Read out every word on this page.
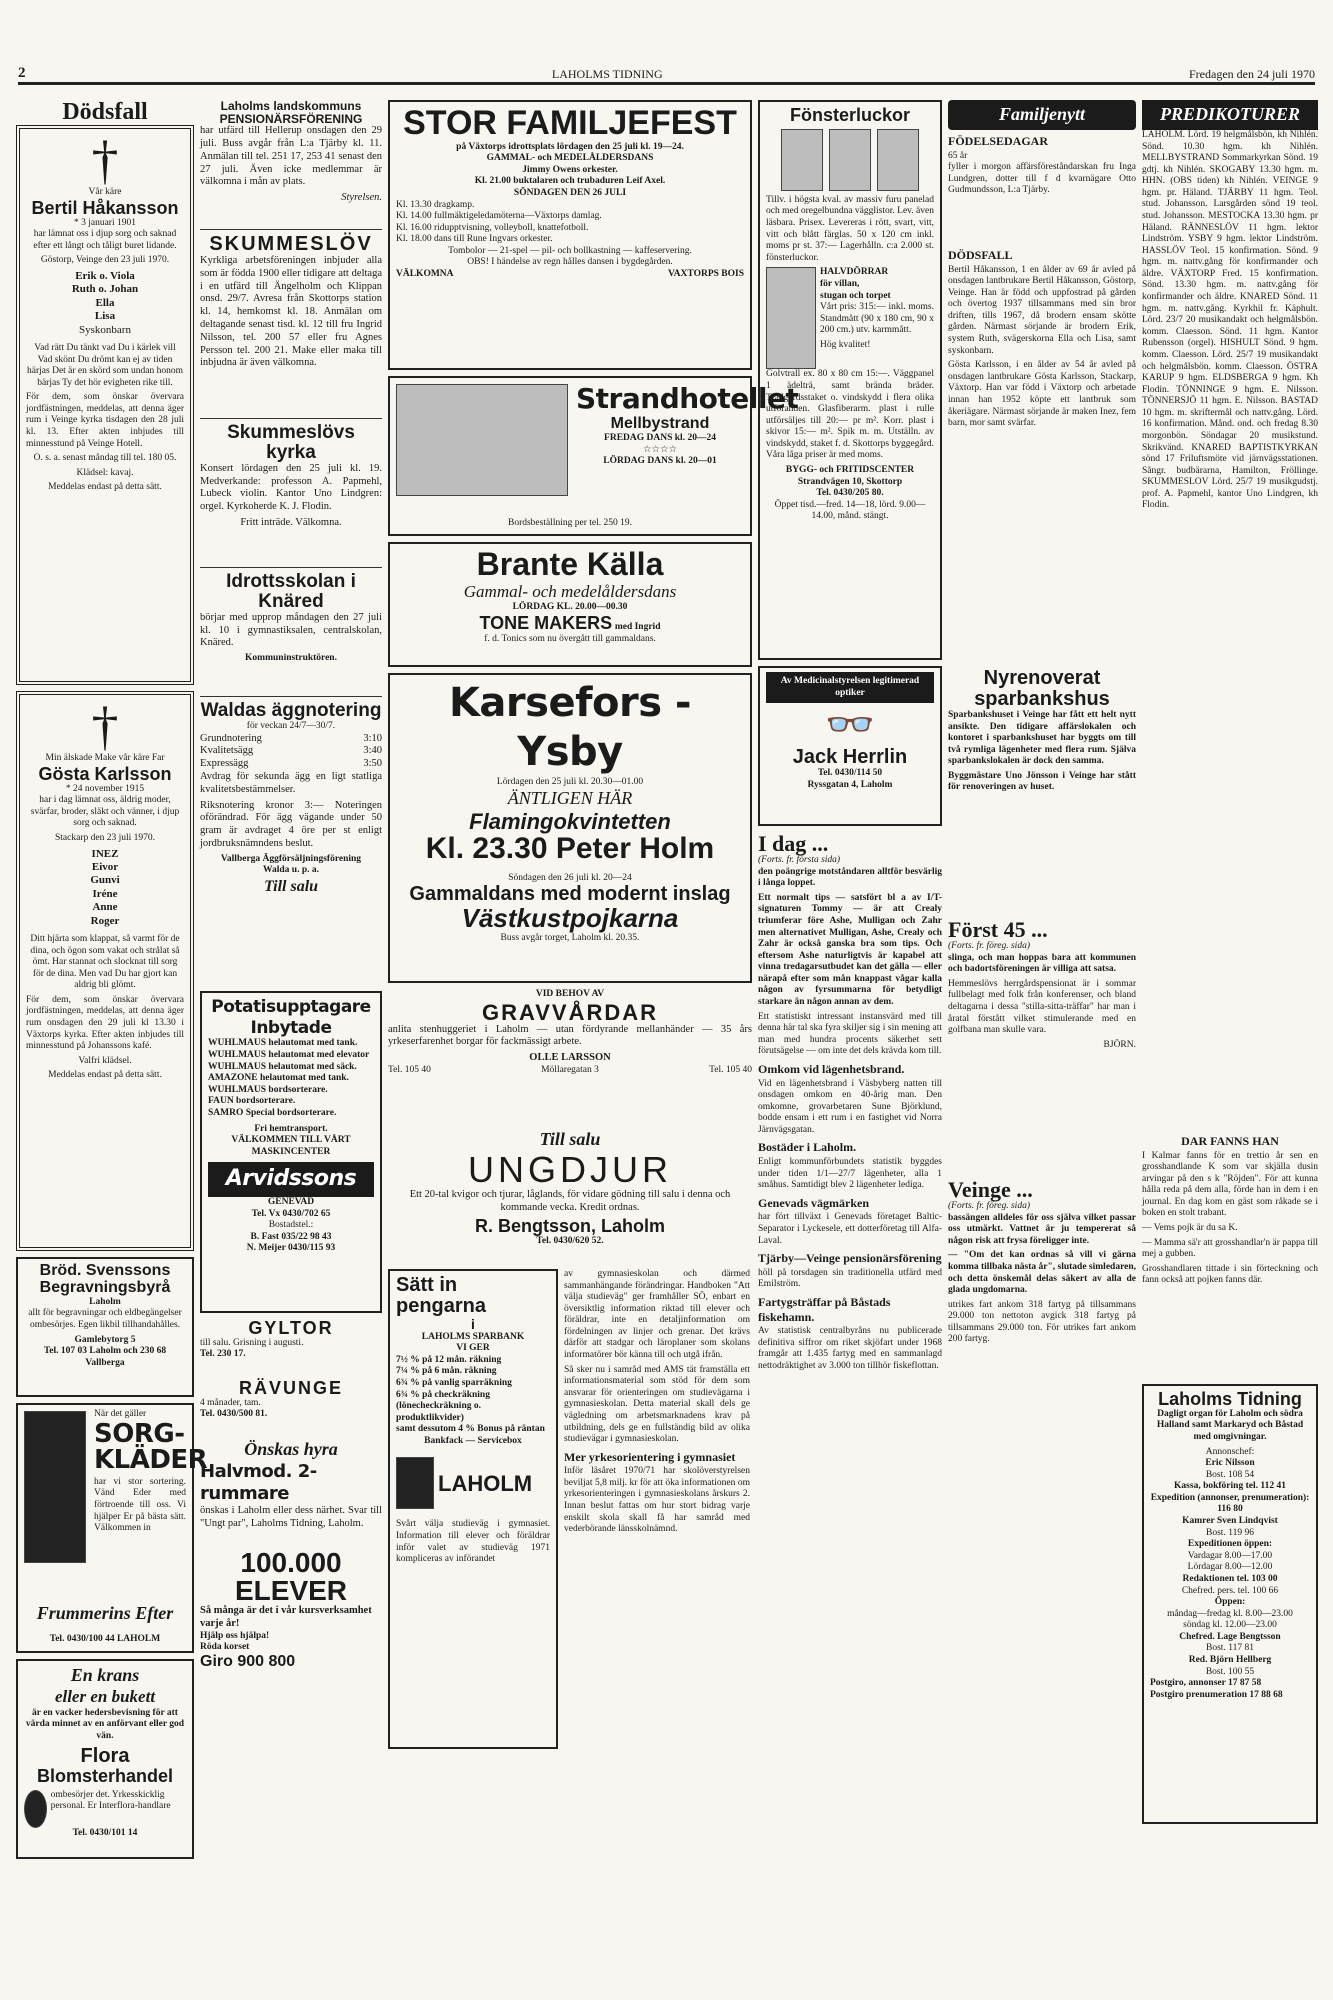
2	LAHOLMS TIDNING	Fredagen den 24 juli 1970
Dödsfall
†
Vår käre
Bertil Håkansson
* 3 januari 1901

har lämnat oss i djup sorg och saknad efter ett långt och tåligt buret lidande.

Göstorp, Veinge den 23 juli 1970.

Erik o. Viola
Ruth o. Johan
Ella
Lisa
Syskonbarn

Vad rätt Du tänkt vad Du i kärlek vill Vad skönt Du drömt kan ej av tiden härjas Det är en skörd som undan honom bärjas Ty det hör evigheten rike till.

För dem, som önskar övervara jordfästningen, meddelas, att denna äger rum i Veinge kyrka tisdagen den 28 juli kl. 13. Efter akten inbjudes till minnesstund på Veinge Hotell.

O. s. a. senast måndag till tel. 180 05.

Klädsel: kavaj.

Meddelas endast på detta sätt.

†
Min älskade Make vår käre Far
Gösta Karlsson
* 24 november 1915

har i dag lämnat oss, äldrig moder, svärfar, broder, släkt och vänner, i djup sorg och saknad.

Stackarp den 23 juli 1970.

INEZ
Eivor
Gunvi
Iréne
Anne
Roger

Ditt hjärta som klappat, så varmt för de dina, och ögon som vakat och strålat så ömt. Har stannat och slocknat till sorg för de dina. Men vad Du har gjort kan aldrig bli glömt.

För dem, som önskar övervara jordfästningen, meddelas, att denna äger rum onsdagen den 29 juli kl 13.30 i Växtorps kyrka. Efter akten inbjudes till minnesstund på Johanssons kafé.

Valfri klädsel.

Meddelas endast på detta sätt.

Bröd. Svenssons Begravningsbyrå
Laholm

allt för begravningar och eldbegängelser ombesörjes. Egen likbil tillhandahålles.

Gamlebytorg 5
Tel. 107 03 Laholm och 230 68 Vallberga
När det gäller
SORG-KLÄDER

har vi stor sortering. Vänd Eder med förtroende till oss. Vi hjälper Er på bästa sätt. Välkommen in

Frummerins Efter
Tel. 0430/100 44 LAHOLM
En krans
eller en bukett

är en vacker hedersbevisning för att värda minnet av en anförvant eller god vän.

Flora
Blomsterhandel
ombesörjer det. Yrkesskicklig personal. Er Interflora-handlare
Tel. 0430/101 14
Laholms landskommuns PENSIONÄRSFÖRENING

har utfärd till Hellerup onsdagen den 29 juli. Buss avgår från L:a Tjärby kl. 11. Anmälan till tel. 251 17, 253 41 senast den 27 juli. Även icke medlemmar är välkomna i mån av plats.

Styrelsen.
SKUMMESLÖV

Kyrkliga arbetsföreningen inbjuder alla som är födda 1900 eller tidigare att deltaga i en utfärd till Ängelholm och Klippan onsd. 29/7. Avresa från Skottorps station kl. 14, hemkomst kl. 18. Anmälan om deltagande senast tisd. kl. 12 till fru Ingrid Nilsson, tel. 200 57 eller fru Agnes Persson tel. 200 21. Make eller maka till inbjudna är även välkomna.

Skummeslövs kyrka

Konsert lördagen den 25 juli kl. 19. Medverkande: professon A. Papmehl, Lubeck violin. Kantor Uno Lindgren: orgel. Kyrkoherde K. J. Flodin.

Fritt inträde. Välkomna.
Idrottsskolan i Knäred

börjar med upprop måndagen den 27 juli kl. 10 i gymnastiksalen, centralskolan, Knäred.

Kommuninstruktören.
Waldas äggnotering
för veckan 24/7—30/7.
Grundnotering	3:10
Kvalitetsägg	3:40
Expressägg	3:50

Avdrag för sekunda ägg en ligt statliga kvalitetsbestämmelser.

Riksnotering kronor 3:— Noteringen oförändrad. För ägg vägande under 50 gram är avdraget 4 öre per st enligt jordbruksnämndens beslut.

Vallberga Äggförsäljningsförening
Walda u. p. a.
Till salu
Potatisupptagare Inbytade
WUHLMAUS helautomat med tank.
WUHLMAUS helautomat med elevator
WUHLMAUS helautomat med säck.
AMAZONE helautomat med tank.
WUHLMAUS bordsorterare.
FAUN bordsorterare.
SAMRO Special bordsorterare.
Fri hemtransport.
VÄLKOMMEN TILL VÅRT MASKINCENTER
Arvidssons
GENEVAD
Tel. Vx 0430/702 65
Bostadstel.:
B. Fast 035/22 98 43
N. Meijer 0430/115 93
GYLTOR
till salu. Grisning i augusti.
Tel. 230 17.
RÄVUNGE
4 månader, tam.
Tel. 0430/500 81.
Önskas hyra
Halvmod. 2-rummare

önskas i Laholm eller dess närhet. Svar till "Ungt par", Laholms Tidning, Laholm.

100.000 ELEVER
Så många är det i vår kursverksamhet varje år!
Hjälp oss hjälpa!
Röda korset
Giro 900 800
STOR FAMILJEFEST
på Växtorps idrottsplats lördagen den 25 juli kl. 19—24.
GAMMAL- och MEDELÅLDERSDANS
Jimmy Owens orkester.
Kl. 21.00 buktalaren och trubaduren Leif Axel.
SÖNDAGEN DEN 26 JULI
Kl. 13.30 dragkamp.
Kl. 14.00 fullmäktigeledamöterna—Växtorps damlag.
Kl. 16.00 ridupptvisning, volleyboll, knattefotboll.
Kl. 18.00 dans till Rune Ingvars orkester.
Tombolor — 21-spel — pil- och bollkastning — kaffeservering.
OBS! I händelse av regn hålles dansen i bygdegården.
VÄLKOMNA	VAXTORPS BOIS
Strandhotellet
Mellbystrand
FREDAG DANS kl. 20—24
☆☆☆☆
LÖRDAG DANS kl. 20—01
Bordsbeställning per tel. 250 19.
Brante Källa
Gammal- och medelåldersdans
LÖRDAG KL. 20.00—00.30
TONE MAKERS med Ingrid
f. d. Tonics som nu övergått till gammaldans.
Karsefors - Ysby
Lördagen den 25 juli kl. 20.30—01.00
ÄNTLIGEN HÄR
Flamingokvintetten
Kl. 23.30 Peter Holm
Söndagen den 26 juli kl. 20—24
Gammaldans med modernt inslag
Västkustpojkarna
Buss avgår torget, Laholm kl. 20.35.
VID BEHOV AV
GRAVVÅRDAR

anlita stenhuggeriet i Laholm — utan fördyrande mellanhänder — 35 års yrkeserfarenhet borgar för fackmässigt arbete.

OLLE LARSSON
Tel. 105 40	Möllaregatan 3	Tel. 105 40
Till salu
UNGDJUR

Ett 20-tal kvigor och tjurar, låglands, för vidare gödning till salu i denna och kommande vecka. Kredit ordnas.

R. Bengtsson, Laholm
Tel. 0430/620 52.
Sätt in
pengarna
i
LAHOLMS SPARBANK
VI GER
7½ % på 12 mån. räkning
7¼ % på 6 mån. räkning
6¾ % på vanlig sparräkning
6¾ % på checkräkning (lönecheckräkning o. produktlikvider)
samt dessutom 4 % Bonus på räntan
Bankfack — Servicebox
LAHOLM

Svårt välja studieväg i gymnasiet. Information till elever och föräldrar inför valet av studieväg 1971 kompliceras av införandet

av gymnasieskolan och därmed sammanhängande förändringar. Handboken "Att välja studieväg" ger framhåller SÖ, enbart en översiktlig information riktad till elever och föräldrar, inte en detaljinformation om fördelningen av linjer och grenar. Det krävs därför att stadgar och läroplaner som skolans informatörer bör känna till och utgå ifrån.

Så sker nu i samråd med AMS tät framställa ett informationsmaterial som stöd för dem som ansvarar för orienteringen om studievägarna i gymnasieskolan. Detta material skall dels ge vägledning om arbetsmarknadens krav på utbildning, dels ge en fullständig bild av olika studievägar i gymnasieskolan.

Mer yrkesorientering i gymnasiet

Inför läsåret 1970/71 har skolöverstyrelsen beviljat 5,8 milj. kr för att öka informationen om yrkesorienteringen i gymnasieskolans årskurs 2. Innan beslut fattas om hur stort bidrag varje enskilt skola skall få har samråd med vederbörande länsskolnämnd.

Fönsterluckor

Tillv. i högsta kval. av massiv furu panelad och med oregelbundna vägglistor. Lev. även läsbara. Prisex. Levereras i rött, svart, vitt, vitt och blått färglas. 50 x 120 cm inkl. moms pr st. 37:— Lagerhålln. c:a 2.000 st. fönsterluckor.

HALVDÖRRAR
för villan,
stugan och torpet

Vårt pris: 315:— inkl. moms. Standmått (90 x 180 cm, 90 x 200 cm.) utv. karmmått.

Hög kvalitet!

Golvtrall ex. 80 x 80 cm 15:—. Väggpanel 1 ädelträ, samt brända bräder. Trädgårdsstaket o. vindskydd i flera olika utföranden. Glasfiberarm. plast i rulle utförsäljes till 20:— pr m². Korr. plast i skivor 15:— m². Spik m. m. Utställn. av vindskydd, staket f. d. Skottorps byggegård. Våra låga priser är med moms.

BYGG- och FRITIDSCENTER
Strandvägen 10, Skottorp
Tel. 0430/205 80.
Öppet tisd.—fred. 14—18, lörd. 9.00—14.00, månd. stängt.
Av Medicinalstyrelsen legitimerad optiker
👓
Jack Herrlin
Tel. 0430/114 50
Ryssgatan 4, Laholm
I dag ...
(Forts. fr. första sida)

den poängrige motståndaren alltför besvärlig i långa loppet.

Ett normalt tips — satsfört bl a av I/T-signaturen Tommy — är att Crealy triumferar före Ashe, Mulligan och Zahr men alternativet Mulligan, Ashe, Crealy och Zahr är också ganska bra som tips. Och eftersom Ashe naturligtvis är kapabel att vinna tredagarsutbudet kan det gälla — eller närapå efter som mån knappast vågar kalla någon av fyrsummarna för betydligt starkare än någon annan av dem.

Ett statistiskt intressant instansvärd med till denna här tal ska fyra skiljer sig i sin mening att man med hundra procents säkerhet sett förutsägelse — om inte det dels krävda kom till.

Omkom vid lägenhetsbrand.

Vid en lägenhetsbrand i Väsbyberg natten till onsdagen omkom en 40-årig man. Den omkomne, grovarbetaren Sune Björklund, bodde ensam i ett rum i en fastighet vid Norra Järnvägsgatan.

Bostäder i Laholm.

Enligt kommunförbundets statistik byggdes under tiden 1/1—27/7 lägenheter, alla 1 småhus. Samtidigt blev 2 lägenheter lediga.

Genevads vägmärken

har fört tillväxt i Genevads företaget Baltic-Separator i Lyckesele, ett dotterföretag till Alfa-Laval.

Tjärby—Veinge pensionärsförening

höll på torsdagen sin traditionella utfärd med Emilström.

Fartygsträffar på Båstads fiskehamn.

Av statistisk centralbyråns nu publicerade definitiva siffror om riket skjöfart under 1968 framgår att 1.435 fartyg med en sammanlagd nettodräktighet av 3.000 ton tillhör fiskeflottan.

Familjenytt
FÖDELSEDAGAR
65 år

fyller i morgon affärsföreståndarskan fru Inga Lundgren, dotter till f d kvarnägare Otto Gudmundsson, L:a Tjärby.

DÖDSFALL

Bertil Håkansson, 1 en ålder av 69 år avled på onsdagen lantbrukare Bertil Håkansson, Göstorp, Veinge. Han är född och uppfostrad på gården och övertog 1937 tillsammans med sin bror driften, tills 1967, då brodern ensam skötte gården. Närmast sörjande är brodern Erik, system Ruth, svägerskorna Ella och Lisa, samt syskonbarn.

Gösta Karlsson, i en ålder av 54 år avled på onsdagen lantbrukare Gösta Karlsson, Stackarp, Växtorp. Han var född i Växtorp och arbetade innan han 1952 köpte ett lantbruk som åkeriägare. Närmast sörjande är maken Inez, fem barn, mor samt svärfar.

Nyrenoverat sparbankshus

Sparbankshuset i Veinge har fått ett helt nytt ansikte. Den tidigare affärslokalen och kontoret i sparbankshuset har byggts om till två rymliga lägenheter med flera rum. Själva sparbankslokalen är dock den samma.

Byggmästare Uno Jönsson i Veinge har stått för renoveringen av huset.

Först 45 ...
(Forts. fr. föreg. sida)

slinga, och man hoppas bara att kommunen och badortsföreningen är villiga att satsa.

Hemmeslövs herrgårdspensionat är i sommar fullbelagt med folk från konferenser, och bland deltagarna i dessa "stilla-sitta-träffar" har man i åratal förstått vilket stimulerande med en golfbana man skulle vara.

BJÖRN.
Veinge ...
(Forts. fr. föreg. sida)

bassängen alldeles för oss själva vilket passar oss utmärkt. Vattnet är ju tempererat så någon risk att frysa föreligger inte.

— "Om det kan ordnas så vill vi gärna komma tillbaka nästa år", slutade simledaren, och detta önskemål delas säkert av alla de glada ungdomarna.

utrikes fart ankom 318 fartyg på tillsammans 29.000 ton nettoton avgick 318 fartyg på tillsammans 29.000 ton. För utrikes fart ankom 200 fartyg.

PREDIKOTURER

LAHOLM. Lörd. 19 helgmålsbön, kh Nihlén. Sönd. 10.30 hgm. kh Nihlén. MELLBYSTRAND Sommarkyrkan Sönd. 19 gdtj. kh Nihlén. SKOGABY 13.30 hgm. m. HHN. (OBS tiden) kh Nihlén. VEINGE 9 hgm. pr. Häland. TJÄRBY 11 hgm. Teol. stud. Johansson. Larsgården sönd 19 teol. stud. Johansson. MESTOCKA 13.30 hgm. pr Häland. RÄNNESLÖV 11 hgm. lektor Lindström. YSBY 9 hgm. lektor Lindström. HASSLÖV Teol. 15 konfirmation. Sönd. 9 hgm. m. nattv.gång för konfirmander och äldre. VÄXTORP Fred. 15 konfirmation. Sönd. 13.30 hgm. m. nattv.gång för konfirmander och äldre. KNARED Sönd. 11 hgm. m. nattv.gång. Kyrkhil fr. Käphult. Lörd. 23/7 20 musikandakt och helgmålsbön. komm. Claesson. Sönd. 11 hgm. Kantor Rubensson (orgel). HISHULT Sönd. 9 hgm. komm. Claesson. Lörd. 25/7 19 musikandakt och helgmålsbön. komm. Claesson. ÖSTRA KARUP 9 hgm. ELDSBERGA 9 hgm. Kh Flodin. TÖNNINGE 9 hgm. E. Nilsson. TÖNNERSJÖ 11 hgm. E. Nilsson. BASTAD 10 hgm. m. skriftermål och nattv.gång. Lörd. 16 konfirmation. Månd. ond. och fredag 8.30 morgonbön. Söndagar 20 musikstund. Skrikvänd. KNARED BAPTISTKYRKAN sönd 17 Friluftsmöte vid järnvägsstationen. Sångr. budbärarna, Hamilton, Fröllinge. SKUMMESLOV Lörd. 25/7 19 musikgudstj. prof. A. Papmehl, kantor Uno Lindgren, kh Flodin.

DAR FANNS HAN

I Kalmar fanns för en trettio år sen en grosshandlande K som var skjälla dusin arvingar på den s k "Röjden". För att kunna hålla reda på dem alla, förde han in dem i en journal. En dag kom en gäst som råkade se i boken en stolt trabant.

— Vems pojk är du sa K.

— Mamma sä'r att grosshandlar'n är pappa till mej a gubben.

Grosshandlaren tittade i sin förteckning och fann också att pojken fanns där.

Laholms Tidning

Dagligt organ för Laholm och södra Halland samt Markaryd och Båstad med omgivningar.

Annonschef:
Eric Nilsson
Bost. 108 54
Kassa, bokföring tel. 112 41
Expedition (annonser, prenumeration):
116 80
Kamrer Sven Lindqvist
Bost. 119 96
Expeditionen öppen:
Vardagar 8.00—17.00
Lördagar 8.00—12.00
Redaktionen tel. 103 00
Chefred. pers. tel. 100 66
Öppen:
måndag—fredag kl. 8.00—23.00
söndag kl. 12.00—23.00
Chefred. Lage Bengtsson
Bost. 117 81
Red. Björn Hellberg
Bost. 100 55
Postgiro, annonser 17 87 58
Postgiro prenumeration 17 88 68
